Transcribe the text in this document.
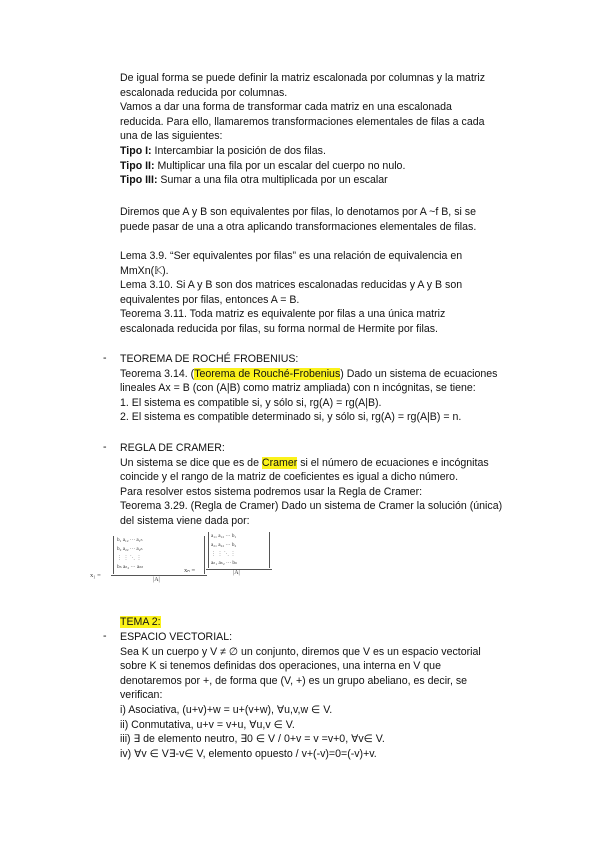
De igual forma se puede definir la matriz escalonada por columnas y la matriz
escalonada reducida por columnas.
Vamos a dar una forma de transformar cada matriz en una escalonada
reducida. Para ello, llamaremos transformaciones elementales de filas a cada
una de las siguientes:
Tipo I: Intercambiar la posición de dos filas.
Tipo II: Multiplicar una fila por un escalar del cuerpo no nulo.
Tipo III: Sumar a una fila otra multiplicada por un escalar
Diremos que A y B son equivalentes por filas, lo denotamos por A ~f B, si se
puede pasar de una a otra aplicando transformaciones elementales de filas.
Lema 3.9. “Ser equivalentes por filas” es una relación de equivalencia en
MmXn(𝕂).
Lema 3.10. Si A y B son dos matrices escalonadas reducidas y A y B son
equivalentes por filas, entonces A = B.
Teorema 3.11. Toda matriz es equivalente por filas a una única matriz
escalonada reducida por filas, su forma normal de Hermite por filas.
- TEOREMA DE ROCHÉ FROBENIUS:
Teorema 3.14. (Teorema de Rouché-Frobenius) Dado un sistema de ecuaciones
lineales Ax = B (con (A|B) como matriz ampliada) con n incógnitas, se tiene:
1. El sistema es compatible si, y sólo si, rg(A) = rg(A|B).
2. El sistema es compatible determinado si, y sólo si, rg(A) = rg(A|B) = n.
- REGLA DE CRAMER:
Un sistema se dice que es de Cramer si el número de ecuaciones e incógnitas
coincide y el rango de la matriz de coeficientes es igual a dicho número.
Para resolver estos sistema podremos usar la Regla de Cramer:
Teorema 3.29. (Regla de Cramer) Dado un sistema de Cramer la solución (única)
del sistema viene dada por:
x₁ =
b₁ a₁₂ ··· a₁ₙ
b₂ a₂₂ ··· a₂ₙ
⋮ ⋮ ⋱ ⋮
bₙ aₙ₂ ··· aₙₙ
|A|
xₙ =
a₁₁ a₁₂ ··· b₁
a₂₁ a₂₂ ··· b₂
⋮ ⋮ ⋱ ⋮
aₙ₁ aₙ₂ ··· bₙ
|A|
TEMA 2:
- ESPACIO VECTORIAL:
Sea K un cuerpo y V ≠ ∅ un conjunto, diremos que V es un espacio vectorial
sobre K si tenemos definidas dos operaciones, una interna en V que
denotaremos por +, de forma que (V, +) es un grupo abeliano, es decir, se
verifican:
i) Asociativa, (u+v)+w = u+(v+w), ∀u,v,w ∈ V.
ii) Conmutativa, u+v = v+u, ∀u,v ∈ V.
iii) ∃ de elemento neutro, ∃0 ∈ V / 0+v = v =v+0, ∀v∈ V.
iv) ∀v ∈ V∃-v∈ V, elemento opuesto / v+(-v)=0=(-v)+v.
